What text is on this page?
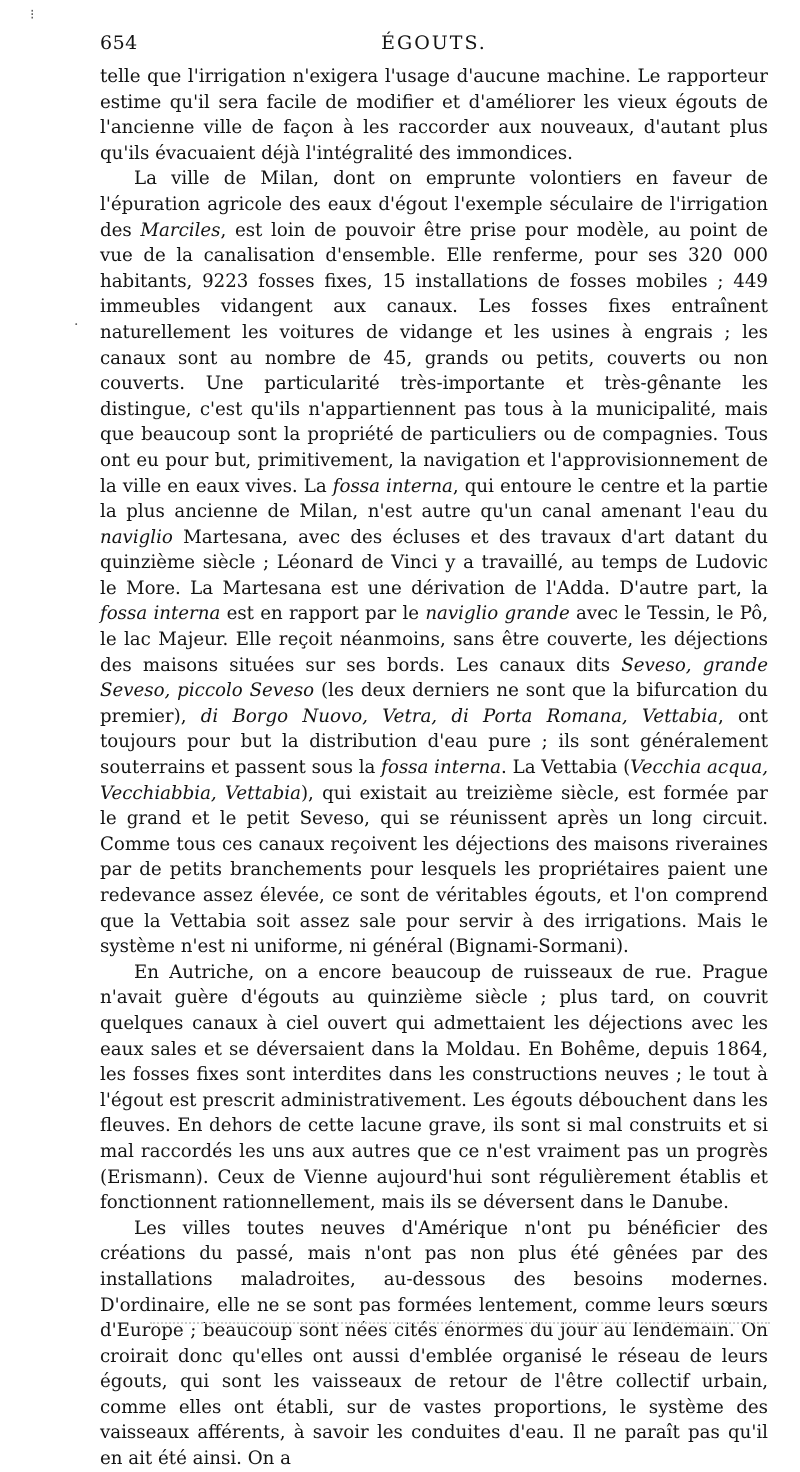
⁝
·
654	ÉGOUTS.

telle que l'irrigation n'exigera l'usage d'aucune machine. Le rapporteur estime qu'il sera facile de modifier et d'améliorer les vieux égouts de l'ancienne ville de façon à les raccorder aux nouveaux, d'autant plus qu'ils évacuaient déjà l'intégralité des immondices.

La ville de Milan, dont on emprunte volontiers en faveur de l'épuration agricole des eaux d'égout l'exemple séculaire de l'irrigation des Marciles, est loin de pouvoir être prise pour modèle, au point de vue de la canalisation d'ensemble. Elle renferme, pour ses 320 000 habitants, 9223 fosses fixes, 15 installations de fosses mobiles ; 449 immeubles vidangent aux canaux. Les fosses fixes entraînent naturellement les voitures de vidange et les usines à engrais ; les canaux sont au nombre de 45, grands ou petits, couverts ou non couverts. Une particularité très-importante et très-gênante les distingue, c'est qu'ils n'appartiennent pas tous à la municipalité, mais que beaucoup sont la propriété de particuliers ou de compagnies. Tous ont eu pour but, primitivement, la navigation et l'approvisionnement de la ville en eaux vives. La fossa interna, qui entoure le centre et la partie la plus ancienne de Milan, n'est autre qu'un canal amenant l'eau du naviglio Martesana, avec des écluses et des travaux d'art datant du quinzième siècle ; Léonard de Vinci y a travaillé, au temps de Ludovic le More. La Martesana est une dérivation de l'Adda. D'autre part, la fossa interna est en rapport par le naviglio grande avec le Tessin, le Pô, le lac Majeur. Elle reçoit néanmoins, sans être couverte, les déjections des maisons situées sur ses bords. Les canaux dits Seveso, grande Seveso, piccolo Seveso (les deux derniers ne sont que la bifurcation du premier), di Borgo Nuovo, Vetra, di Porta Romana, Vettabia, ont toujours pour but la distribution d'eau pure ; ils sont généralement souterrains et passent sous la fossa interna. La Vettabia (Vecchia acqua, Vecchiabbia, Vettabia), qui existait au treizième siècle, est formée par le grand et le petit Seveso, qui se réunissent après un long circuit. Comme tous ces canaux reçoivent les déjections des maisons riveraines par de petits branchements pour lesquels les propriétaires paient une redevance assez élevée, ce sont de véritables égouts, et l'on comprend que la Vettabia soit assez sale pour servir à des irrigations. Mais le système n'est ni uniforme, ni général (Bignami-Sormani).

En Autriche, on a encore beaucoup de ruisseaux de rue. Prague n'avait guère d'égouts au quinzième siècle ; plus tard, on couvrit quelques canaux à ciel ouvert qui admettaient les déjections avec les eaux sales et se déversaient dans la Moldau. En Bohême, depuis 1864, les fosses fixes sont interdites dans les constructions neuves ; le tout à l'égout est prescrit administrativement. Les égouts débouchent dans les fleuves. En dehors de cette lacune grave, ils sont si mal construits et si mal raccordés les uns aux autres que ce n'est vraiment pas un progrès (Erismann). Ceux de Vienne aujourd'hui sont régulièrement établis et fonctionnent rationnellement, mais ils se déversent dans le Danube.

Les villes toutes neuves d'Amérique n'ont pu bénéficier des créations du passé, mais n'ont pas non plus été gênées par des installations maladroites, au-dessous des besoins modernes. D'ordinaire, elle ne se sont pas formées lentement, comme leurs sœurs d'Europe ; beaucoup sont nées cités énormes du jour au lendemain. On croirait donc qu'elles ont aussi d'emblée organisé le réseau de leurs égouts, qui sont les vaisseaux de retour de l'être collectif urbain, comme elles ont établi, sur de vastes proportions, le système des vaisseaux afférents, à savoir les conduites d'eau. Il ne paraît pas qu'il en ait été ainsi. On a
